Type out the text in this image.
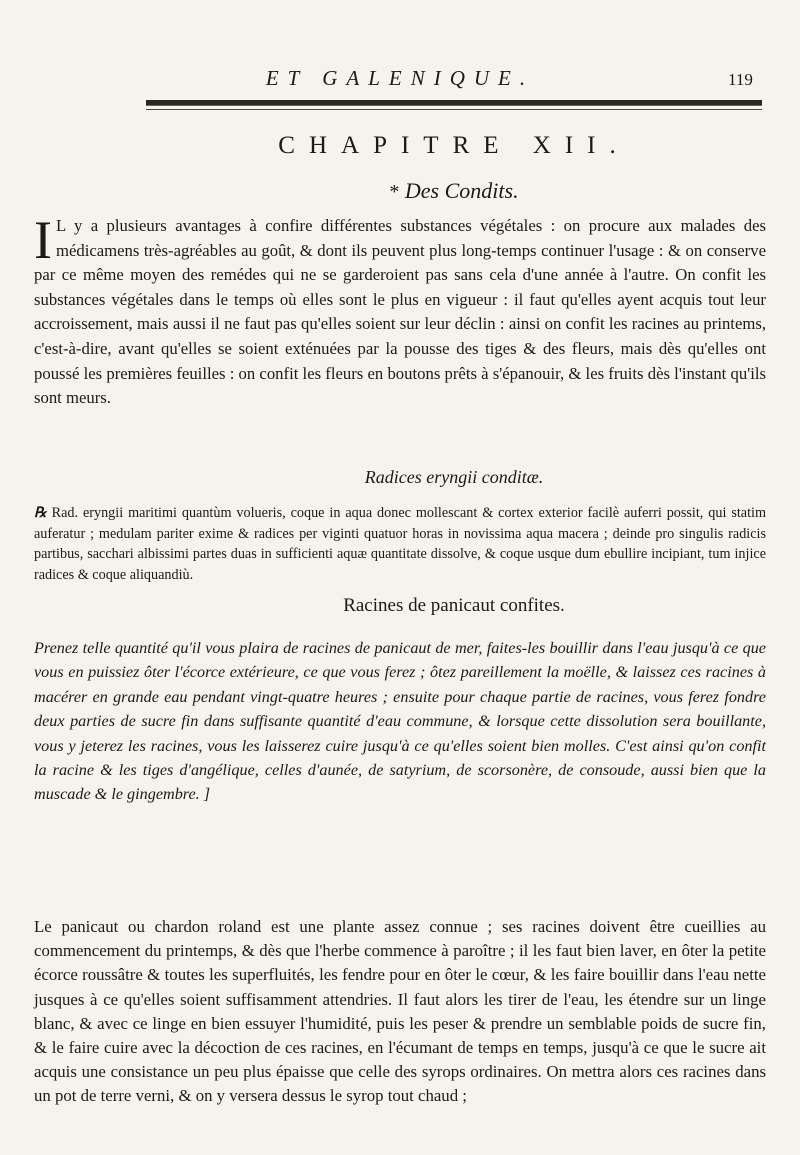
ET GALENIQUE.	119
CHAPITRE XII.
* Des Condits.
I L y a plusieurs avantages à confire différentes substances végétales : on procure aux malades des médicamens très-agréables au goût, & dont ils peuvent plus long-temps continuer l'usage : & on conserve par ce même moyen des remédes qui ne se garderoient pas sans cela d'une année à l'autre. On confit les substances végétales dans le temps où elles sont le plus en vigueur : il faut qu'elles ayent acquis tout leur accroissement, mais aussi il ne faut pas qu'elles soient sur leur déclin : ainsi on confit les racines au printems, c'est-à-dire, avant qu'elles se soient exténuées par la pousse des tiges & des fleurs, mais dès qu'elles ont poussé les premières feuilles : on confit les fleurs en boutons prêts à s'épanouir, & les fruits dès l'instant qu'ils sont meurs.
Radices eryngii conditæ.
℞ Rad. eryngii maritimi quantùm volueris, coque in aqua donec mollescant & cortex exterior facilè auferri possit, qui statim auferatur ; medulam pariter exime & radices per viginti quatuor horas in novissima aqua macera ; deinde pro singulis radicis partibus, sacchari albissimi partes duas in sufficienti aquæ quantitate dissolve, & coque usque dum ebullire incipiant, tum injice radices & coque aliquandiù.
Racines de panicaut confites.
Prenez telle quantité qu'il vous plaira de racines de panicaut de mer, faites-les bouillir dans l'eau jusqu'à ce que vous en puissiez ôter l'écorce extérieure, ce que vous ferez ; ôtez pareillement la moëlle, & laissez ces racines à macérer en grande eau pendant vingt-quatre heures ; ensuite pour chaque partie de racines, vous ferez fondre deux parties de sucre fin dans suffisante quantité d'eau commune, & lorsque cette dissolution sera bouillante, vous y jeterez les racines, vous les laisserez cuire jusqu'à ce qu'elles soient bien molles. C'est ainsi qu'on confit la racine & les tiges d'angélique, celles d'aunée, de satyrium, de scorsonère, de consoude, aussi bien que la muscade & le gingembre. ]
Le panicaut ou chardon roland est une plante assez connue ; ses racines doivent être cueillies au commencement du printemps, & dès que l'herbe commence à paroître ; il les faut bien laver, en ôter la petite écorce roussâtre & toutes les superfluités, les fendre pour en ôter le cœur, & les faire bouillir dans l'eau nette jusques à ce qu'elles soient suffisamment attendries. Il faut alors les tirer de l'eau, les étendre sur un linge blanc, & avec ce linge en bien essuyer l'humidité, puis les peser & prendre un semblable poids de sucre fin, & le faire cuire avec la décoction de ces racines, en l'écumant de temps en temps, jusqu'à ce que le sucre ait acquis une consistance un peu plus épaisse que celle des syrops ordinaires. On mettra alors ces racines dans un pot de terre verni, & on y versera dessus le syrop tout chaud ;
